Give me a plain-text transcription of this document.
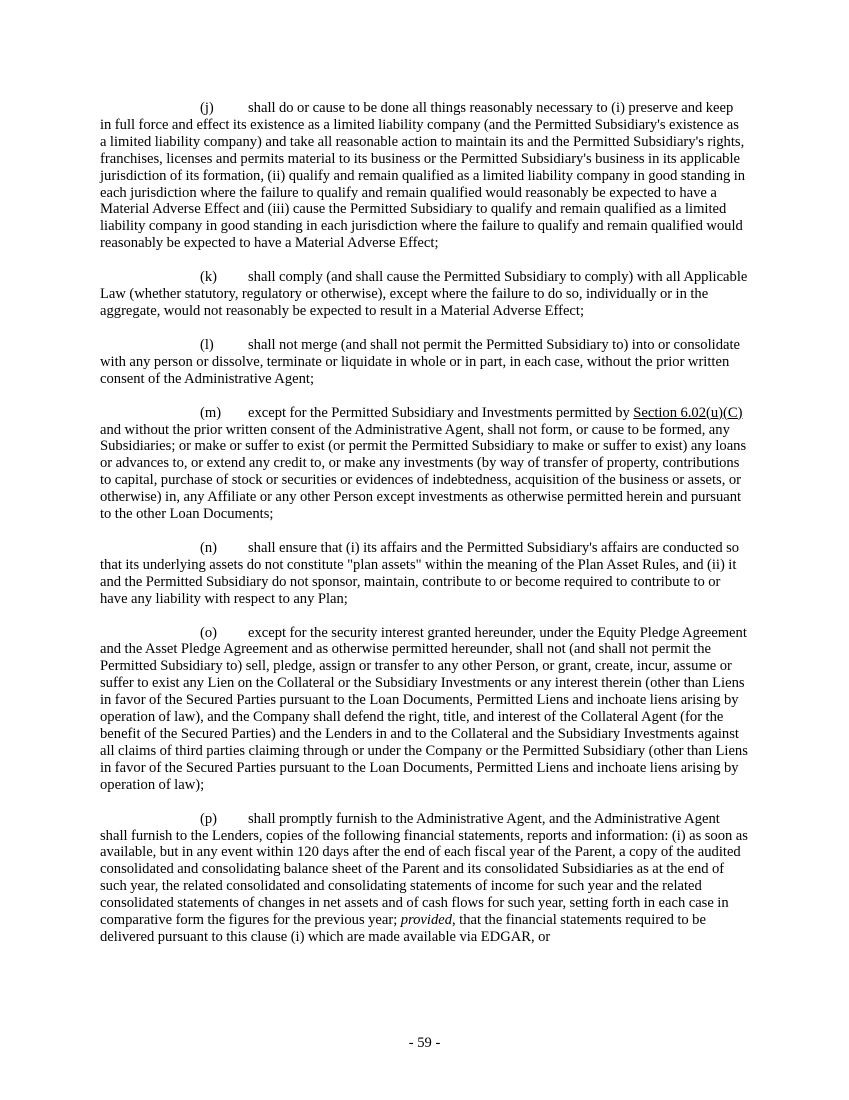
(j) shall do or cause to be done all things reasonably necessary to (i) preserve and keep in full force and effect its existence as a limited liability company (and the Permitted Subsidiary's existence as a limited liability company) and take all reasonable action to maintain its and the Permitted Subsidiary's rights, franchises, licenses and permits material to its business or the Permitted Subsidiary's business in its applicable jurisdiction of its formation, (ii) qualify and remain qualified as a limited liability company in good standing in each jurisdiction where the failure to qualify and remain qualified would reasonably be expected to have a Material Adverse Effect and (iii) cause the Permitted Subsidiary to qualify and remain qualified as a limited liability company in good standing in each jurisdiction where the failure to qualify and remain qualified would reasonably be expected to have a Material Adverse Effect;

(k) shall comply (and shall cause the Permitted Subsidiary to comply) with all Applicable Law (whether statutory, regulatory or otherwise), except where the failure to do so, individually or in the aggregate, would not reasonably be expected to result in a Material Adverse Effect;

(l) shall not merge (and shall not permit the Permitted Subsidiary to) into or consolidate with any person or dissolve, terminate or liquidate in whole or in part, in each case, without the prior written consent of the Administrative Agent;

(m) except for the Permitted Subsidiary and Investments permitted by Section 6.02(u)(C) and without the prior written consent of the Administrative Agent, shall not form, or cause to be formed, any Subsidiaries; or make or suffer to exist (or permit the Permitted Subsidiary to make or suffer to exist) any loans or advances to, or extend any credit to, or make any investments (by way of transfer of property, contributions to capital, purchase of stock or securities or evidences of indebtedness, acquisition of the business or assets, or otherwise) in, any Affiliate or any other Person except investments as otherwise permitted herein and pursuant to the other Loan Documents;

(n) shall ensure that (i) its affairs and the Permitted Subsidiary's affairs are conducted so that its underlying assets do not constitute "plan assets" within the meaning of the Plan Asset Rules, and (ii) it and the Permitted Subsidiary do not sponsor, maintain, contribute to or become required to contribute to or have any liability with respect to any Plan;

(o) except for the security interest granted hereunder, under the Equity Pledge Agreement and the Asset Pledge Agreement and as otherwise permitted hereunder, shall not (and shall not permit the Permitted Subsidiary to) sell, pledge, assign or transfer to any other Person, or grant, create, incur, assume or suffer to exist any Lien on the Collateral or the Subsidiary Investments or any interest therein (other than Liens in favor of the Secured Parties pursuant to the Loan Documents, Permitted Liens and inchoate liens arising by operation of law), and the Company shall defend the right, title, and interest of the Collateral Agent (for the benefit of the Secured Parties) and the Lenders in and to the Collateral and the Subsidiary Investments against all claims of third parties claiming through or under the Company or the Permitted Subsidiary (other than Liens in favor of the Secured Parties pursuant to the Loan Documents, Permitted Liens and inchoate liens arising by operation of law);

(p) shall promptly furnish to the Administrative Agent, and the Administrative Agent shall furnish to the Lenders, copies of the following financial statements, reports and information: (i) as soon as available, but in any event within 120 days after the end of each fiscal year of the Parent, a copy of the audited consolidated and consolidating balance sheet of the Parent and its consolidated Subsidiaries as at the end of such year, the related consolidated and consolidating statements of income for such year and the related consolidated statements of changes in net assets and of cash flows for such year, setting forth in each case in comparative form the figures for the previous year; provided, that the financial statements required to be delivered pursuant to this clause (i) which are made available via EDGAR, or

- 59 -
